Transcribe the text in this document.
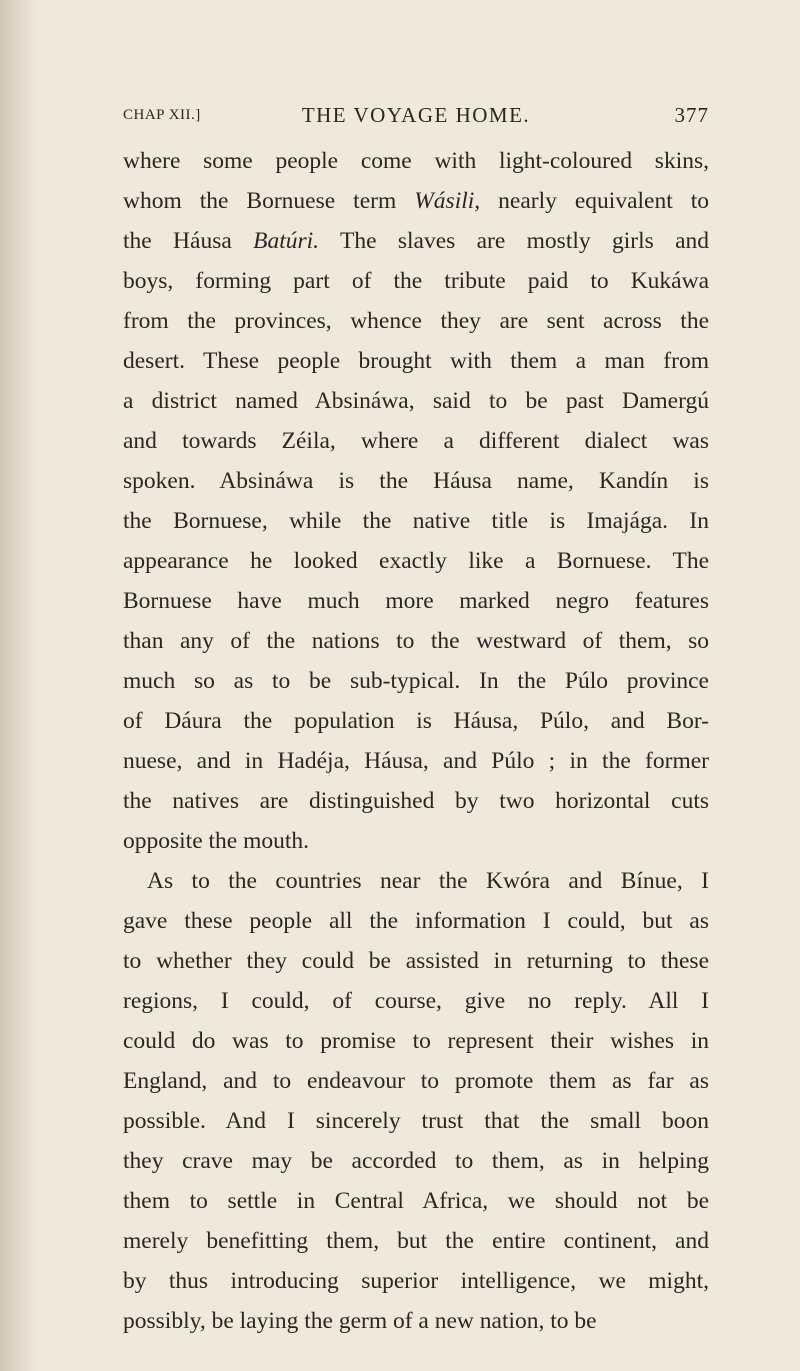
CHAP XII.]	THE VOYAGE HOME.	377
where some people come with light-coloured skins,
whom the Bornuese term Wásili, nearly equivalent to
the Háusa Batúri. The slaves are mostly girls and
boys, forming part of the tribute paid to Kukáwa
from the provinces, whence they are sent across the
desert. These people brought with them a man from
a district named Absináwa, said to be past Damergú
and towards Zéila, where a different dialect was
spoken. Absináwa is the Háusa name, Kandín is
the Bornuese, while the native title is Imajága. In
appearance he looked exactly like a Bornuese. The
Bornuese have much more marked negro features
than any of the nations to the westward of them, so
much so as to be sub-typical. In the Púlo province
of Dáura the population is Háusa, Púlo, and Bor-
nuese, and in Hadéja, Háusa, and Púlo ; in the former
the natives are distinguished by two horizontal cuts
opposite the mouth.
As to the countries near the Kwóra and Bínue, I
gave these people all the information I could, but as
to whether they could be assisted in returning to these
regions, I could, of course, give no reply. All I
could do was to promise to represent their wishes in
England, and to endeavour to promote them as far as
possible. And I sincerely trust that the small boon
they crave may be accorded to them, as in helping
them to settle in Central Africa, we should not be
merely benefitting them, but the entire continent, and
by thus introducing superior intelligence, we might,
possibly, be laying the germ of a new nation, to be
